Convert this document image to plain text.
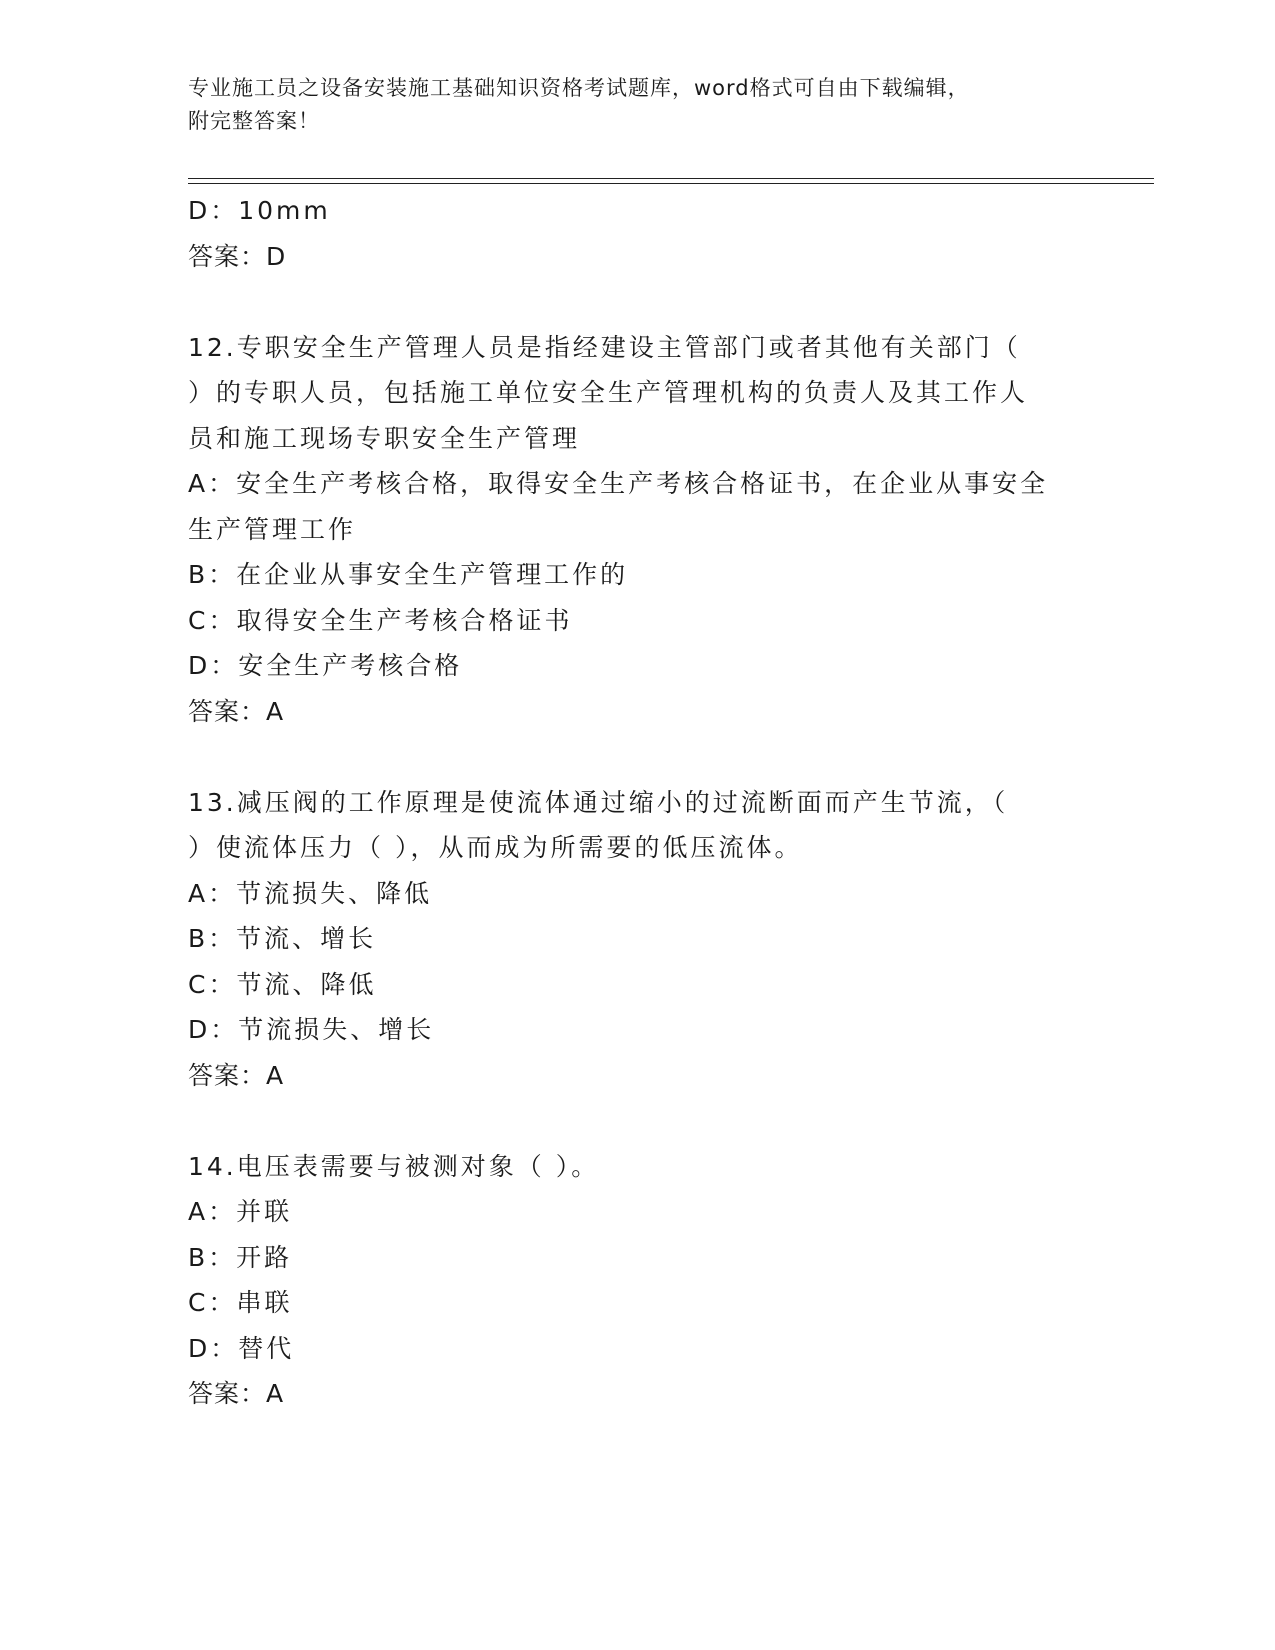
专业施工员之设备安装施工基础知识资格考试题库，word格式可自由下载编辑，
附完整答案！
D：10mm
答案：D
12.专职安全生产管理人员是指经建设主管部门或者其他有关部门（
）的专职人员，包括施工单位安全生产管理机构的负责人及其工作人
员和施工现场专职安全生产管理
A：安全生产考核合格，取得安全生产考核合格证书，在企业从事安全
生产管理工作
B：在企业从事安全生产管理工作的
C：取得安全生产考核合格证书
D：安全生产考核合格
答案：A
13.减压阀的工作原理是使流体通过缩小的过流断面而产生节流，（
）使流体压力（ ），从而成为所需要的低压流体。
A：节流损失、降低
B：节流、增长
C：节流、降低
D：节流损失、增长
答案：A
14.电压表需要与被测对象（ ）。
A：并联
B：开路
C：串联
D：替代
答案：A
